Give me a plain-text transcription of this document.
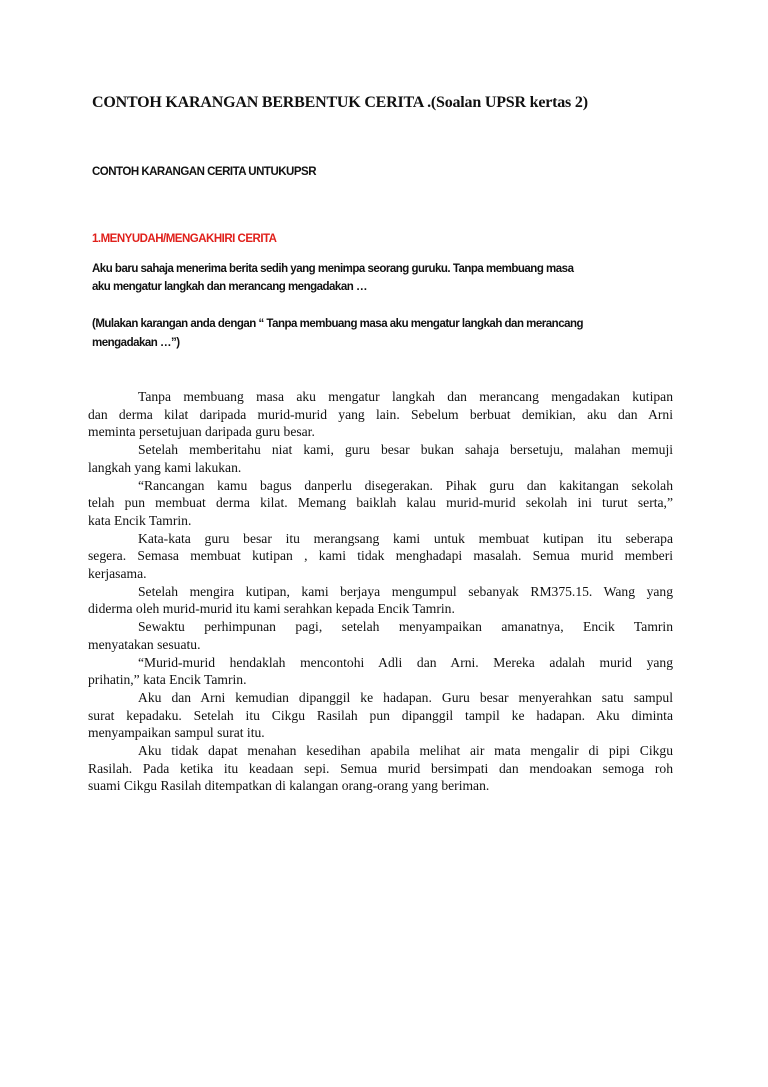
CONTOH KARANGAN BERBENTUK CERITA .(Soalan UPSR kertas 2)
CONTOH KARANGAN CERITA UNTUKUPSR
1.MENYUDAH/MENGAKHIRI CERITA
Aku baru sahaja menerima berita sedih yang menimpa seorang guruku. Tanpa membuang masa
aku mengatur langkah dan merancang mengadakan …
(Mulakan karangan anda dengan “ Tanpa membuang masa aku mengatur langkah dan merancang
mengadakan …”)
Tanpa membuang masa aku mengatur langkah dan merancang mengadakan kutipan
dan derma kilat daripada murid-murid yang lain. Sebelum berbuat demikian, aku dan Arni
meminta persetujuan daripada guru besar.
Setelah memberitahu niat kami, guru besar bukan sahaja bersetuju, malahan memuji
langkah yang kami lakukan.
“Rancangan kamu bagus danperlu disegerakan. Pihak guru dan kakitangan sekolah
telah pun membuat derma kilat. Memang baiklah kalau murid-murid sekolah ini turut serta,”
kata Encik Tamrin.
Kata-kata guru besar itu merangsang kami untuk membuat kutipan itu seberapa
segera. Semasa membuat kutipan , kami tidak menghadapi masalah. Semua murid memberi
kerjasama.
Setelah mengira kutipan, kami berjaya mengumpul sebanyak RM375.15. Wang yang
diderma oleh murid-murid itu kami serahkan kepada Encik Tamrin.
Sewaktu perhimpunan pagi, setelah menyampaikan amanatnya, Encik Tamrin
menyatakan sesuatu.
“Murid-murid hendaklah mencontohi Adli dan Arni. Mereka adalah murid yang
prihatin,” kata Encik Tamrin.
Aku dan Arni kemudian dipanggil ke hadapan. Guru besar menyerahkan satu sampul
surat kepadaku. Setelah itu Cikgu Rasilah pun dipanggil tampil ke hadapan. Aku diminta
menyampaikan sampul surat itu.
Aku tidak dapat menahan kesedihan apabila melihat air mata mengalir di pipi Cikgu
Rasilah. Pada ketika itu keadaan sepi. Semua murid bersimpati dan mendoakan semoga roh
suami Cikgu Rasilah ditempatkan di kalangan orang-orang yang beriman.
